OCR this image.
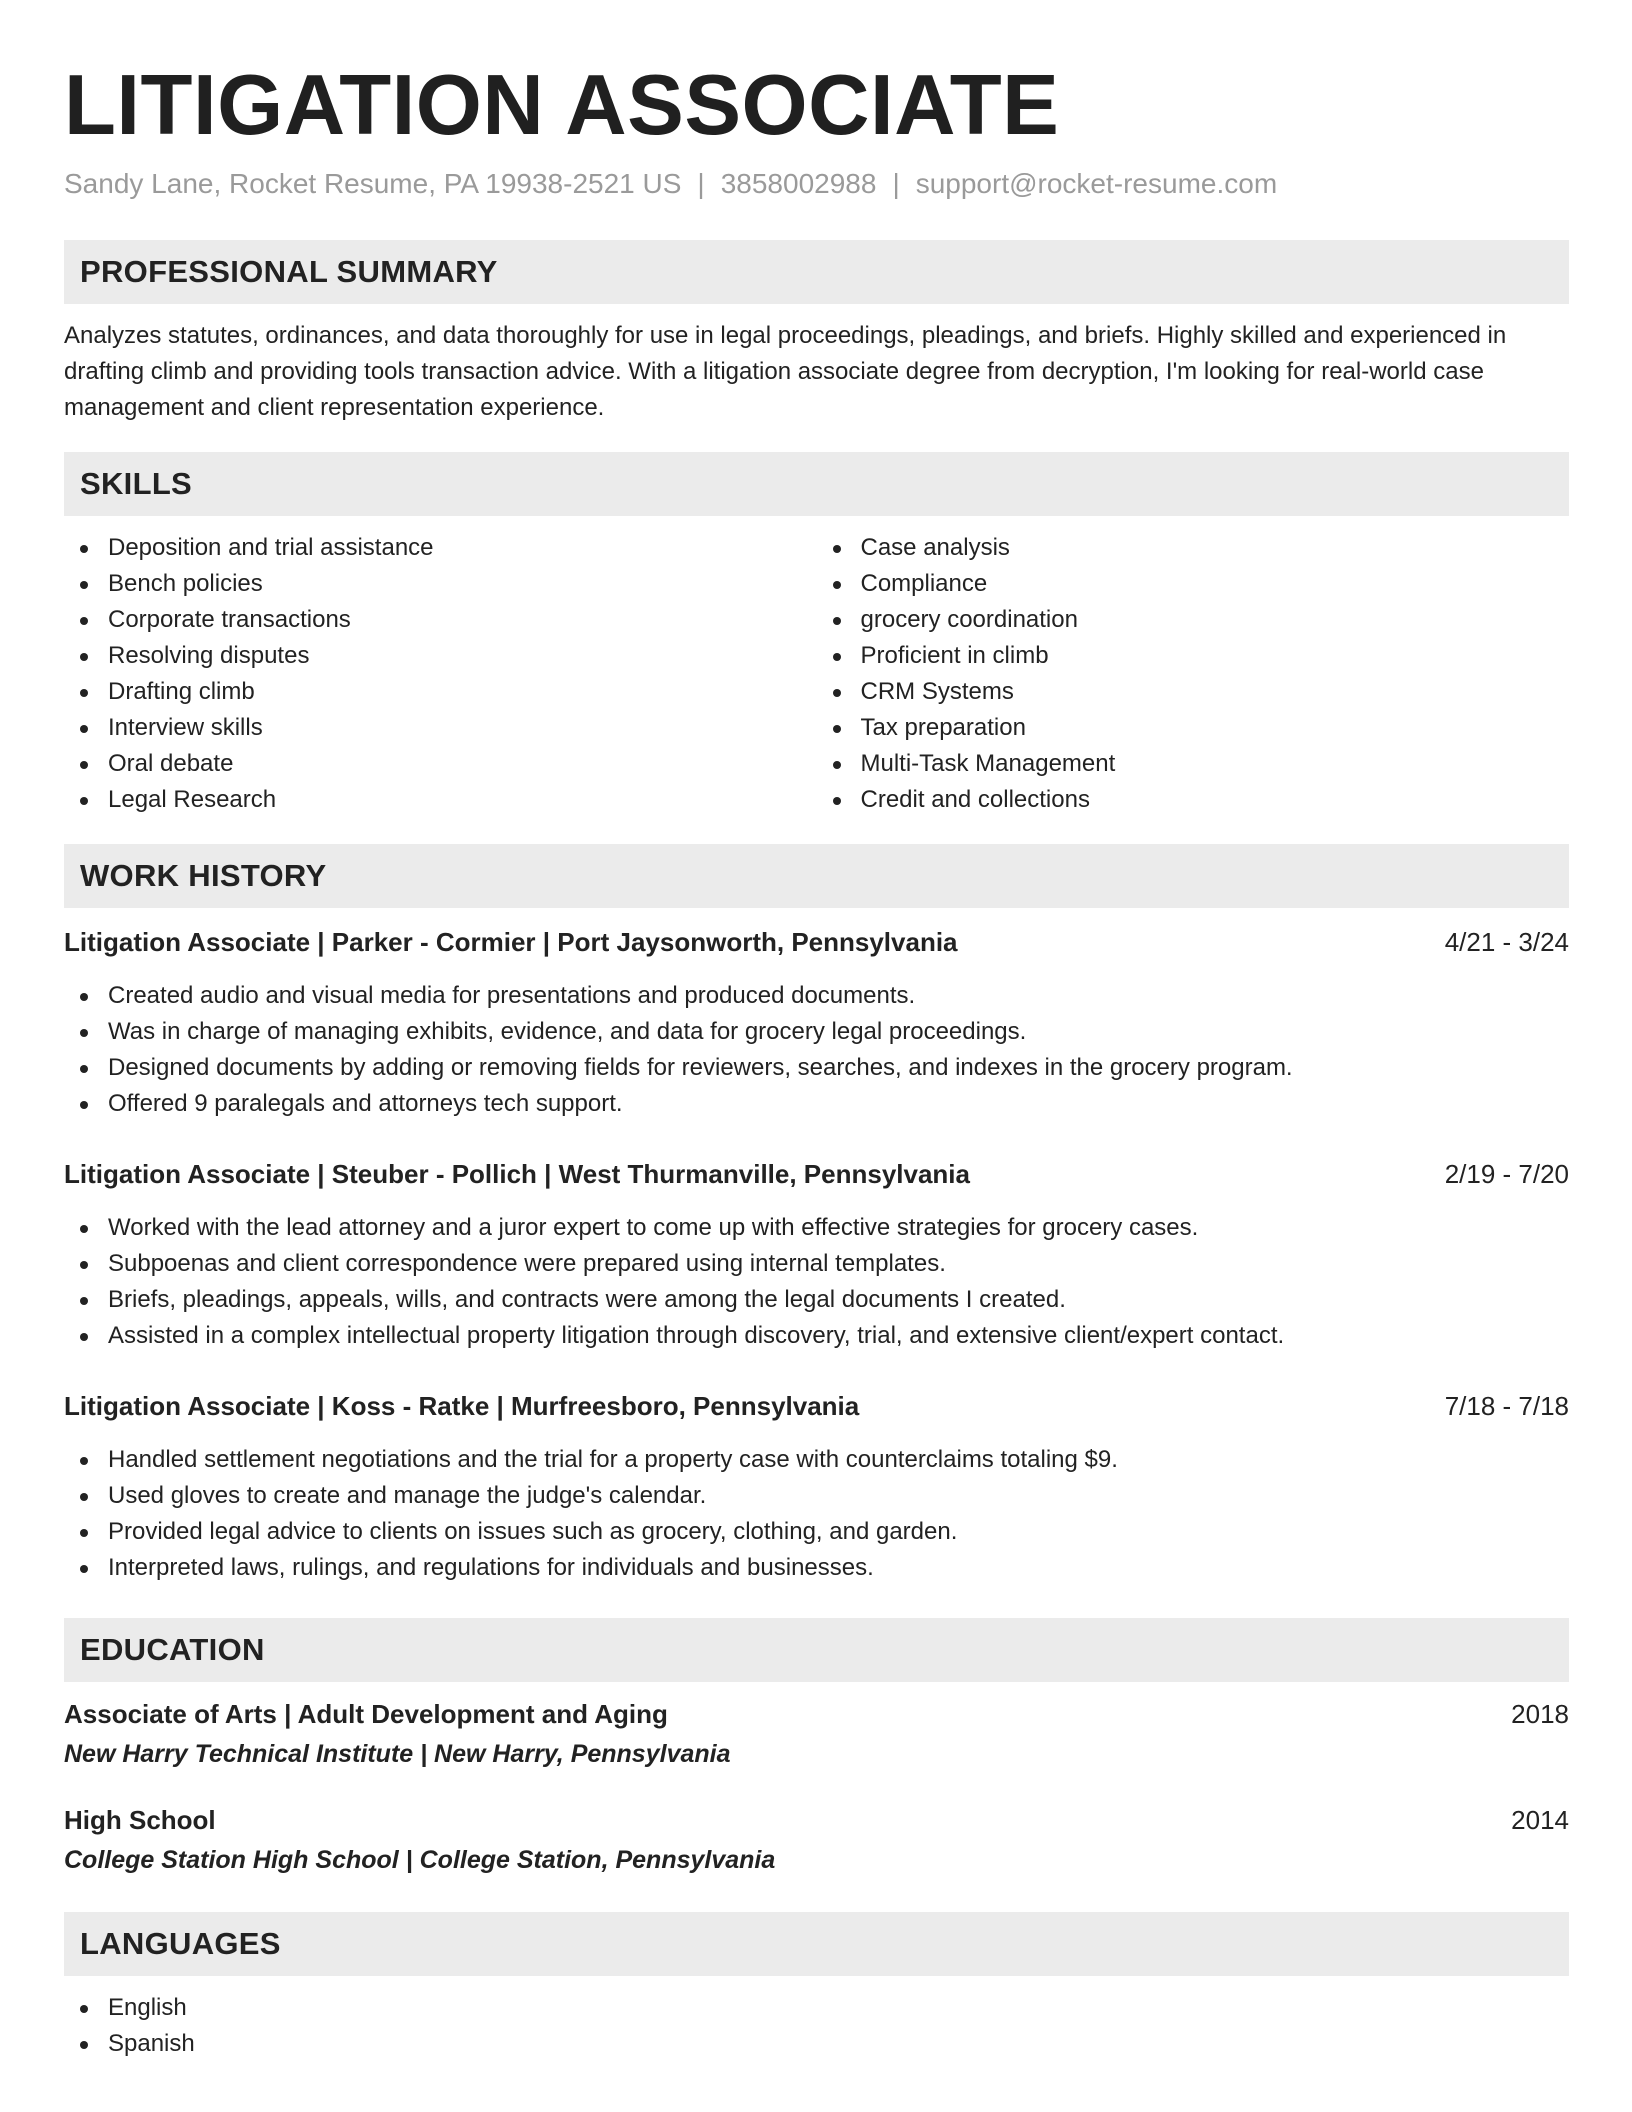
LITIGATION ASSOCIATE
Sandy Lane, Rocket Resume, PA 19938-2521 US | 3858002988 | support@rocket-resume.com
PROFESSIONAL SUMMARY

Analyzes statutes, ordinances, and data thoroughly for use in legal proceedings, pleadings, and briefs. Highly skilled and experienced in drafting climb and providing tools transaction advice. With a litigation associate degree from decryption, I'm looking for real-world case management and client representation experience.

SKILLS
Deposition and trial assistance
Bench policies
Corporate transactions
Resolving disputes
Drafting climb
Interview skills
Oral debate
Legal Research
Case analysis
Compliance
grocery coordination
Proficient in climb
CRM Systems
Tax preparation
Multi-Task Management
Credit and collections
WORK HISTORY
Litigation Associate | Parker - Cormier | Port Jaysonworth, Pennsylvania	4/21 - 3/24
Created audio and visual media for presentations and produced documents.
Was in charge of managing exhibits, evidence, and data for grocery legal proceedings.
Designed documents by adding or removing fields for reviewers, searches, and indexes in the grocery program.
Offered 9 paralegals and attorneys tech support.
Litigation Associate | Steuber - Pollich | West Thurmanville, Pennsylvania	2/19 - 7/20
Worked with the lead attorney and a juror expert to come up with effective strategies for grocery cases.
Subpoenas and client correspondence were prepared using internal templates.
Briefs, pleadings, appeals, wills, and contracts were among the legal documents I created.
Assisted in a complex intellectual property litigation through discovery, trial, and extensive client/expert contact.
Litigation Associate | Koss - Ratke | Murfreesboro, Pennsylvania	7/18 - 7/18
Handled settlement negotiations and the trial for a property case with counterclaims totaling $9.
Used gloves to create and manage the judge's calendar.
Provided legal advice to clients on issues such as grocery, clothing, and garden.
Interpreted laws, rulings, and regulations for individuals and businesses.
EDUCATION
Associate of Arts | Adult Development and Aging	2018
New Harry Technical Institute | New Harry, Pennsylvania
High School	2014
College Station High School | College Station, Pennsylvania
LANGUAGES
English
Spanish
